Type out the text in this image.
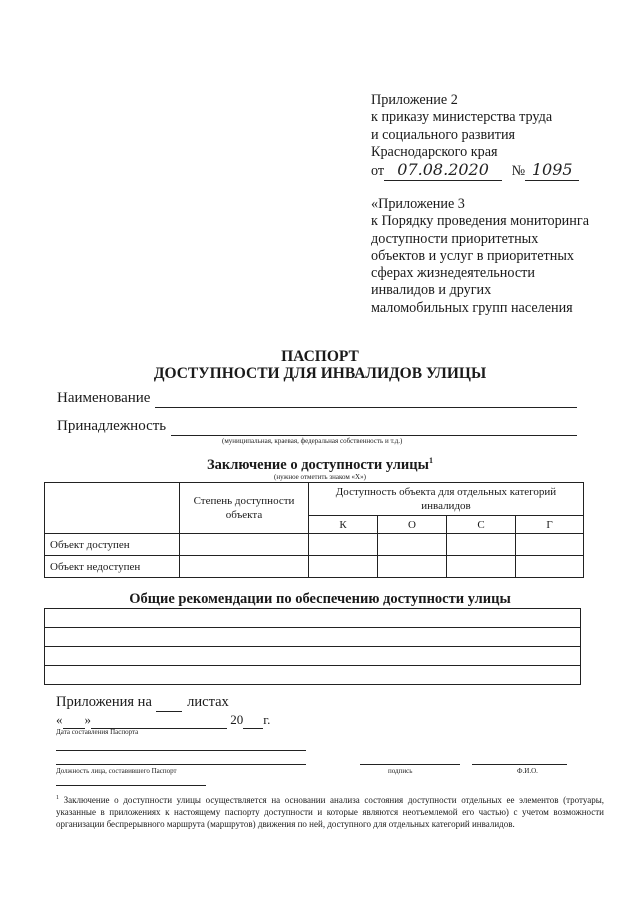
Приложение 2
к приказу министерства труда
и социального развития
Краснодарского края
от 07.08.2020 № 1095
«Приложение 3
к Порядку проведения мониторинга
доступности приоритетных
объектов и услуг в приоритетных
сферах жизнедеятельности
инвалидов и других
маломобильных групп населения
ПАСПОРТ
ДОСТУПНОСТИ ДЛЯ ИНВАЛИДОВ УЛИЦЫ
Наименование
Принадлежность
(муниципальная, краевая, федеральная собственность и т.д.)
Заключение о доступности улицы$^1$
(нужное отметить знаком «Х»)
	Степень доступности объекта	Доступность объекта для отдельных категорий инвалидов			
		К	О	С	Г
Объект доступен					
Объект недоступен					
Общие рекомендации по обеспечению доступности улицы

Приложения на листах
« »	20 г.
Дата составления Паспорта
Должность лица, составившего Паспорт	подпись	Ф.И.О.
$^1$ Заключение о доступности улицы осуществляется на основании анализа состояния доступности отдельных ее элементов (тротуары, указанные в приложениях к настоящему паспорту доступности и которые являются неотъемлемой его частью) с учетом возможности организации беспрерывного маршрута (маршрутов) движения по ней, доступного для отдельных категорий инвалидов.
